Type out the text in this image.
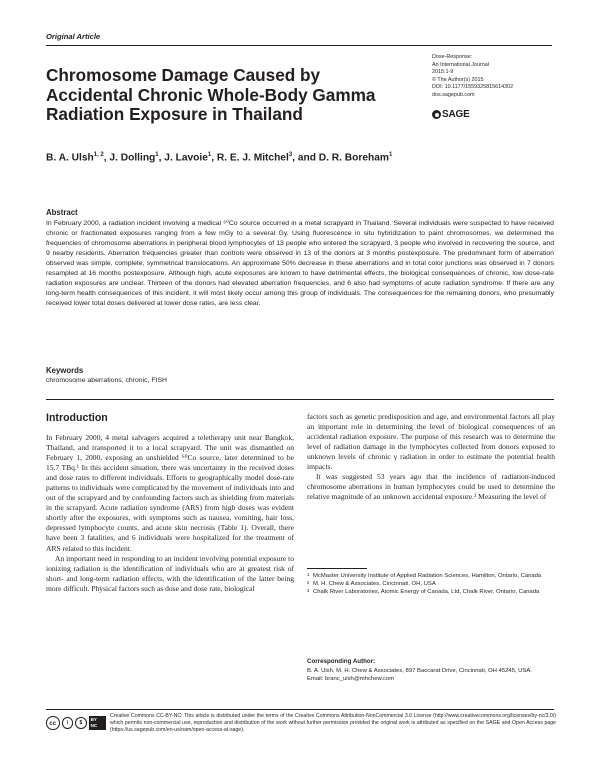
Original Article
Chromosome Damage Caused by Accidental Chronic Whole-Body Gamma Radiation Exposure in Thailand
Dose-Response:
An International Journal
2015:1-9
© The Author(s) 2015
DOI: 10.1177/1559325815614302
dos.sagepub.com
SAGE
B. A. Ulsh$^{1, 2}$, J. Dolling$^1$, J. Lavoie$^1$, R. E. J. Mitchel$^3$, and D. R. Boreham$^1$
Abstract
In February 2000, a radiation incident involving a medical ⁶⁰Co source occurred in a metal scrapyard in Thailand. Several individuals were suspected to have received chronic or fractionated exposures ranging from a few mGy to a several Gy. Using fluorescence in situ hybridization to paint chromosomes, we determined the frequencies of chromosome aberrations in peripheral blood lymphocytes of 13 people who entered the scrapyard, 3 people who involved in recovering the source, and 9 nearby residents. Aberration frequencies greater than controls were observed in 13 of the donors at 3 months postexposure. The predominant form of aberration observed was simple, complete, symmetrical translocations. An approximate 50% decrease in these aberrations and in total color junctions was observed in 7 donors resampled at 16 months postexposure. Although high, acute exposures are known to have detrimental effects, the biological consequences of chronic, low dose-rate radiation exposures are unclear. Thirteen of the donors had elevated aberration frequencies, and 6 also had symptoms of acute radiation syndrome. If there are any long-term health consequences of this incident, it will most likely occur among this group of individuals. The consequences for the remaining donors, who presumably received lower total doses delivered at lower dose rates, are less clear.
Keywords
chromosome aberrations, chronic, FISH
Introduction

In February 2000, 4 metal salvagers acquired a teletherapy unit near Bangkok, Thailand, and transported it to a local scrapyard. The unit was dismantled on February 1, 2000, exposing an unshielded ⁶⁰Co source, later determined to be 15.7 TBq.¹ In this accident situation, there was uncertainty in the received doses and dose rates to different individuals. Efforts to geographically model dose-rate patterns to individuals were complicated by the movement of individuals into and out of the scrapyard and by confounding factors such as shielding from materials in the scrapyard. Acute radiation syndrome (ARS) from high doses was evident shortly after the exposures, with symptoms such as nausea, vomiting, hair loss, depressed lymphocyte counts, and acute skin necrosis (Table 1). Overall, there have been 3 fatalities, and 6 individuals were hospitalized for the treatment of ARS related to this incident.

An important need in responding to an incident involving potential exposure to ionizing radiation is the identification of individuals who are at greatest risk of short- and long-term radiation effects, with the identification of the latter being more difficult. Physical factors such as dose and dose rate, biological

factors such as genetic predisposition and age, and environmental factors all play an important role in determining the level of biological consequences of an accidental radiation exposure. The purpose of this research was to determine the level of radiation damage in the lymphocytes collected from donors exposed to unknown levels of chronic γ radiation in order to estimate the potential health impacts.

It was suggested 53 years ago that the incidence of radiation-induced chromosome aberrations in human lymphocytes could be used to determine the relative magnitude of an unknown accidental exposure.² Measuring the level of

1 McMaster University Institute of Applied Radiation Sciences, Hamilton, Ontario, Canada
2 M. H. Chew & Associates, Cincinnati, OH, USA
3 Chalk River Laboratories, Atomic Energy of Canada, Ltd, Chalk River, Ontario, Canada
Corresponding Author:
B. A. Ulsh, M. H. Chew & Associates, 897 Baccarat Drive, Cincinnati, OH 45245, USA.
Email: branc_ulsh@mhchew.com
cc	i	$
BY NC
Creative Commons CC-BY-NC: This article is distributed under the terms of the Creative Commons Attribution-NonCommercial 3.0 License (http://www.creativecommons.org/licenses/by-nc/3.0/) which permits non-commercial use, reproduction and distribution of the work without further permission provided the original work is attributed as specified on the SAGE and Open Access page (https://us.sagepub.com/en-us/nam/open-access-at-sage).
